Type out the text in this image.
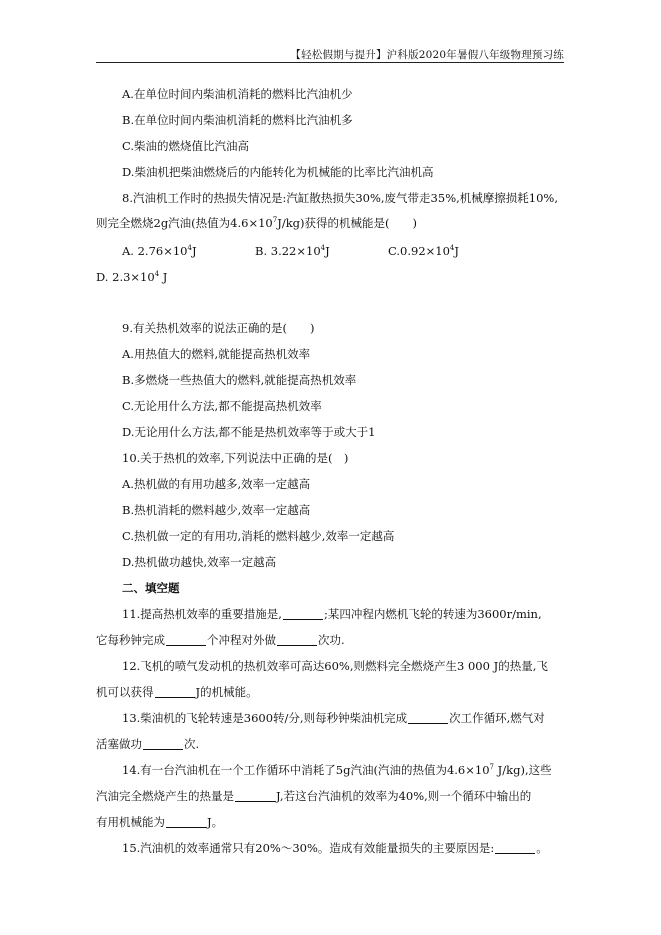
【轻松假期与提升】沪科版2020年暑假八年级物理预习练
A.在单位时间内柴油机消耗的燃料比汽油机少
B.在单位时间内柴油机消耗的燃料比汽油机多
C.柴油的燃烧值比汽油高
D.柴油机把柴油燃烧后的内能转化为机械能的比率比汽油机高
8.汽油机工作时的热损失情况是:汽缸散热损失30%,废气带走35%,机械摩擦损耗10%,
则完全燃烧2g汽油(热值为$4.6\times 10^7J/kg$)获得的机械能是(　　)
A. $2.76\times 10^4J$	B. $3.22\times 10^4J$	$C.0.92\times 10^4J$
D. $2.3\times 10^4$ J
9.有关热机效率的说法正确的是(　　)
A.用热值大的燃料,就能提高热机效率
B.多燃烧一些热值大的燃料,就能提高热机效率
C.无论用什么方法,都不能提高热机效率
D.无论用什么方法,都不能是热机效率等于或大于1
10.关于热机的效率,下列说法中正确的是(　)
A.热机做的有用功越多,效率一定越高
B.热机消耗的燃料越少,效率一定越高
C.热机做一定的有用功,消耗的燃料越少,效率一定越高
D.热机做功越快,效率一定越高
二、填空题
11.提高热机效率的重要措施是,	;某四冲程内燃机飞轮的转速为3600r/min,
它每秒钟完成	个冲程对外做	次功.
12.飞机的喷气发动机的热机效率可高达60%,则燃料完全燃烧产生3 000 J的热量,飞
机可以获得	J的机械能。
13.柴油机的飞轮转速是3600转/分,则每秒钟柴油机完成	次工作循环,燃气对
活塞做功	次.
14.有一台汽油机在一个工作循环中消耗了5g汽油(汽油的热值为$4.6\times 10^7$ J/kg),这些
汽油完全燃烧产生的热量是	J,若这台汽油机的效率为40%,则一个循环中输出的
有用机械能为	J。
15.汽油机的效率通常只有20%～30%。造成有效能量损失的主要原因是:	。
